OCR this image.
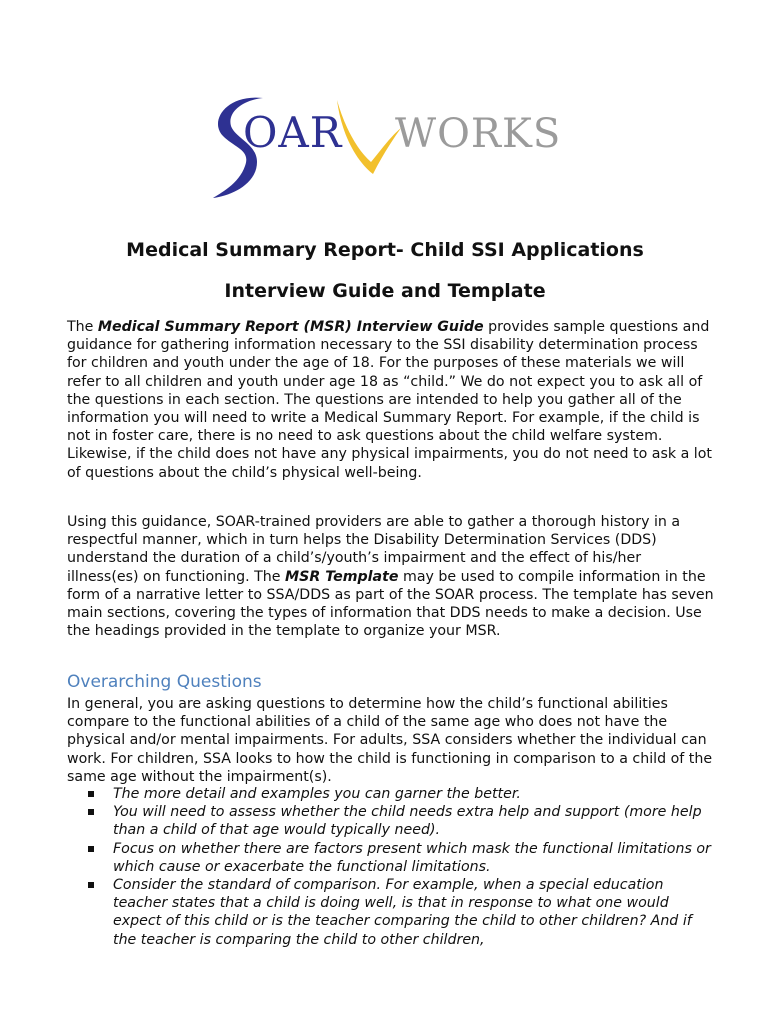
OAR WORKS
Medical Summary Report- Child SSI Applications
Interview Guide and Template

The Medical Summary Report (MSR) Interview Guide provides sample questions and guidance for gathering information necessary to the SSI disability determination process for children and youth under the age of 18. For the purposes of these materials we will refer to all children and youth under age 18 as “child.” We do not expect you to ask all of the questions in each section. The questions are intended to help you gather all of the information you will need to write a Medical Summary Report. For example, if the child is not in foster care, there is no need to ask questions about the child welfare system. Likewise, if the child does not have any physical impairments, you do not need to ask a lot of questions about the child’s physical well-being.

Using this guidance, SOAR-trained providers are able to gather a thorough history in a respectful manner, which in turn helps the Disability Determination Services (DDS) understand the duration of a child’s/youth’s impairment and the effect of his/her illness(es) on functioning. The MSR Template may be used to compile information in the form of a narrative letter to SSA/DDS as part of the SOAR process. The template has seven main sections, covering the types of information that DDS needs to make a decision. Use the headings provided in the template to organize your MSR.

Overarching Questions

In general, you are asking questions to determine how the child’s functional abilities compare to the functional abilities of a child of the same age who does not have the physical and/or mental impairments. For adults, SSA considers whether the individual can work. For children, SSA looks to how the child is functioning in comparison to a child of the same age without the impairment(s).

The more detail and examples you can garner the better.
You will need to assess whether the child needs extra help and support (more help than a child of that age would typically need).
Focus on whether there are factors present which mask the functional limitations or which cause or exacerbate the functional limitations.
Consider the standard of comparison. For example, when a special education teacher states that a child is doing well, is that in response to what one would expect of this child or is the teacher comparing the child to other children? And if the teacher is comparing the child to other children,
